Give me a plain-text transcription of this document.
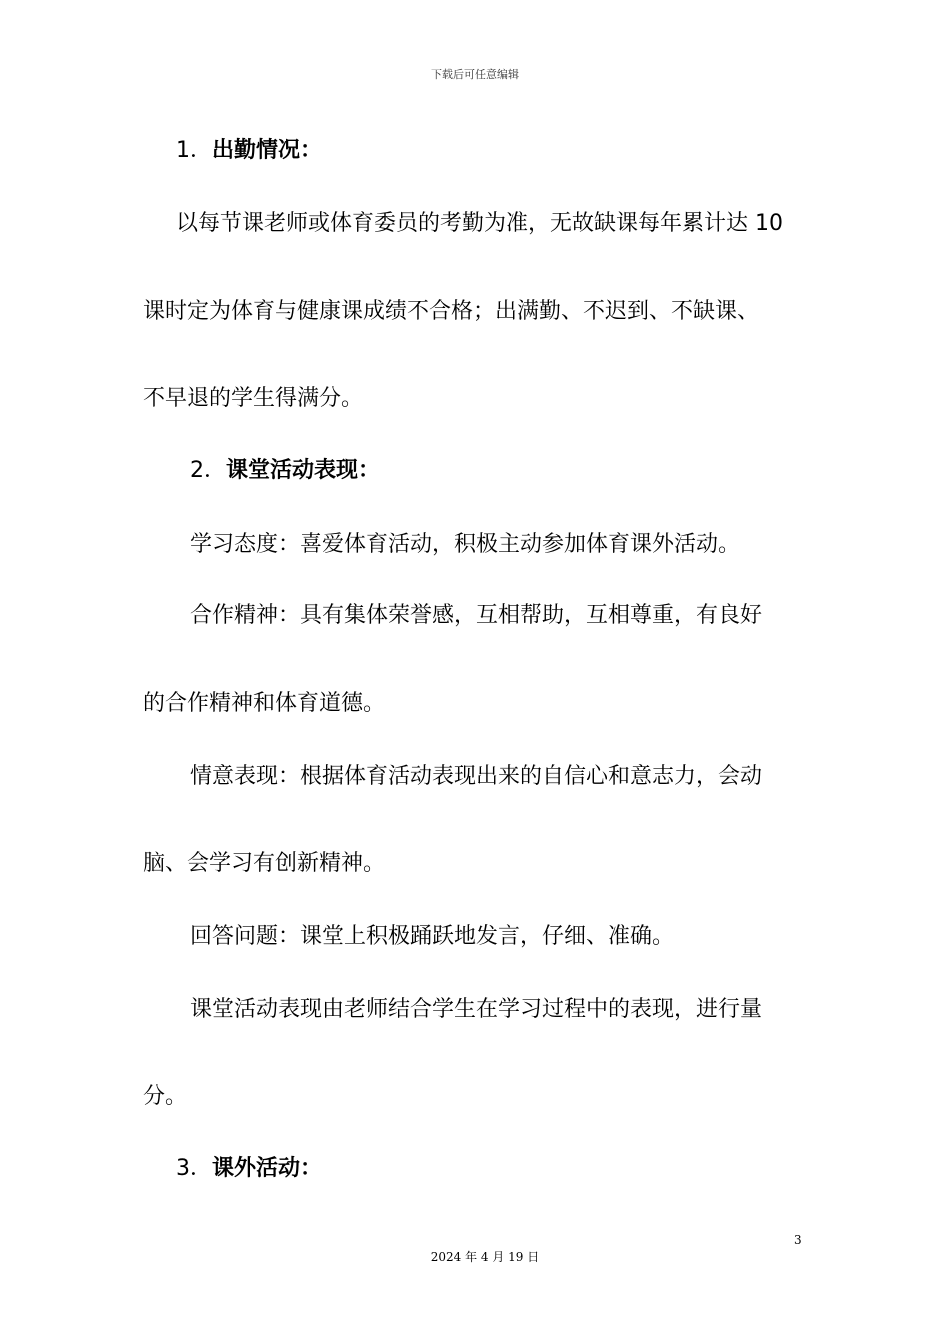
下载后可任意编辑
1．出勤情况：
以每节课老师或体育委员的考勤为准，无故缺课每年累计达 10
课时定为体育与健康课成绩不合格；出满勤、不迟到、不缺课、
不早退的学生得满分。
2．课堂活动表现：
学习态度：喜爱体育活动，积极主动参加体育课外活动。
合作精神：具有集体荣誉感，互相帮助，互相尊重，有良好
的合作精神和体育道德。
情意表现：根据体育活动表现出来的自信心和意志力，会动
脑、会学习有创新精神。
回答问题：课堂上积极踊跃地发言，仔细、准确。
课堂活动表现由老师结合学生在学习过程中的表现，进行量
分。
3．课外活动：
3
2024 年 4 月 19 日
